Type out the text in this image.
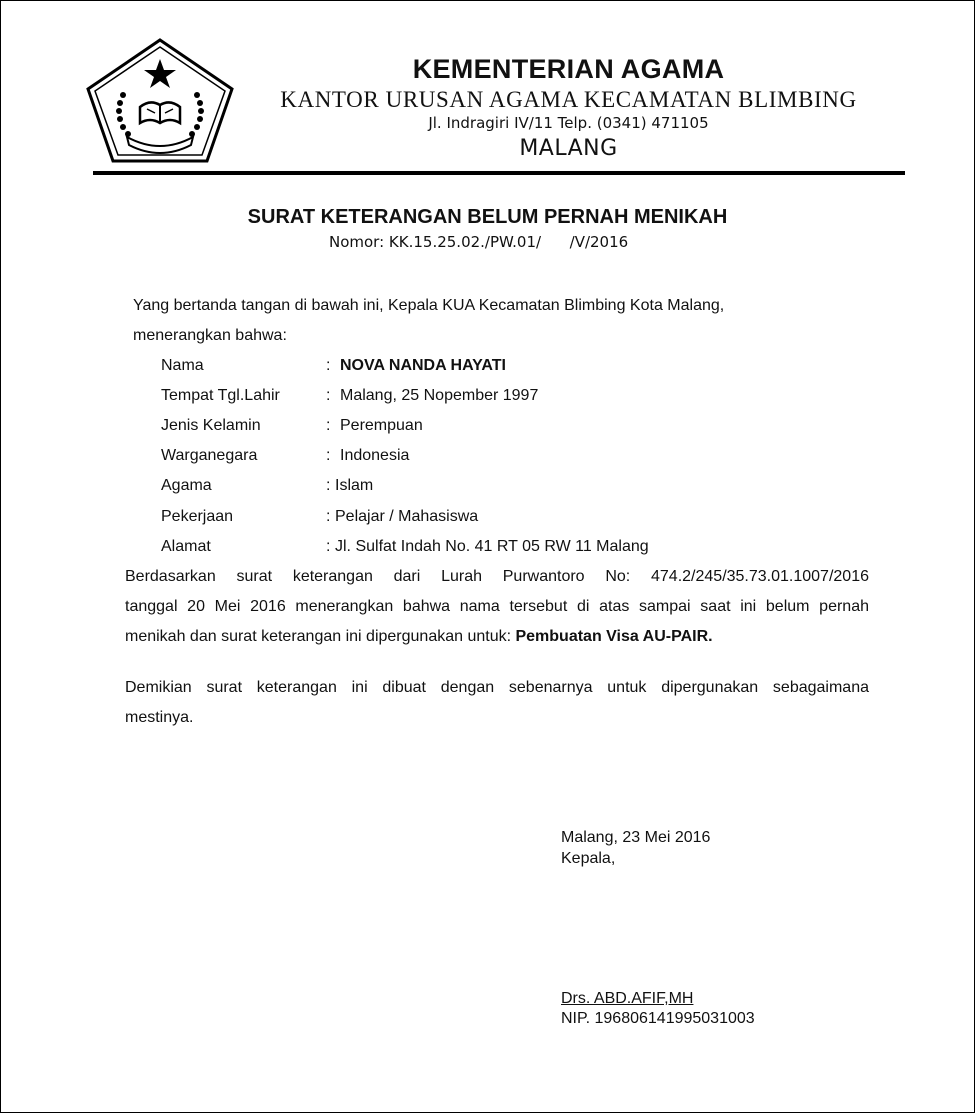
KEMENTERIAN AGAMA
KANTOR URUSAN AGAMA KECAMATAN BLIMBING
Jl. Indragiri IV/11 Telp. (0341) 471105
MALANG
SURAT KETERANGAN BELUM PERNAH MENIKAH
Nomor: KK.15.25.02./PW.01/      /V/2016
Yang bertanda tangan di bawah ini, Kepala KUA Kecamatan Blimbing Kota Malang,
menerangkan bahwa:
Nama	: NOVA NANDA HAYATI
Tempat Tgl.Lahir	: Malang, 25 Nopember 1997
Jenis Kelamin	: Perempuan
Warganegara	: Indonesia
Agama	: Islam
Pekerjaan	: Pelajar / Mahasiswa
Alamat	: Jl. Sulfat Indah No. 41 RT 05 RW 11 Malang
Berdasarkan surat keterangan dari Lurah Purwantoro No: 474.2/245/35.73.01.1007/2016
tanggal 20 Mei 2016 menerangkan bahwa nama tersebut di atas sampai saat ini belum pernah
menikah dan surat keterangan ini dipergunakan untuk: Pembuatan Visa AU-PAIR.
Demikian surat keterangan ini dibuat dengan sebenarnya untuk dipergunakan sebagaimana
mestinya.
Malang, 23 Mei 2016
Kepala,
Drs. ABD.AFIF,MH
NIP. 196806141995031003
